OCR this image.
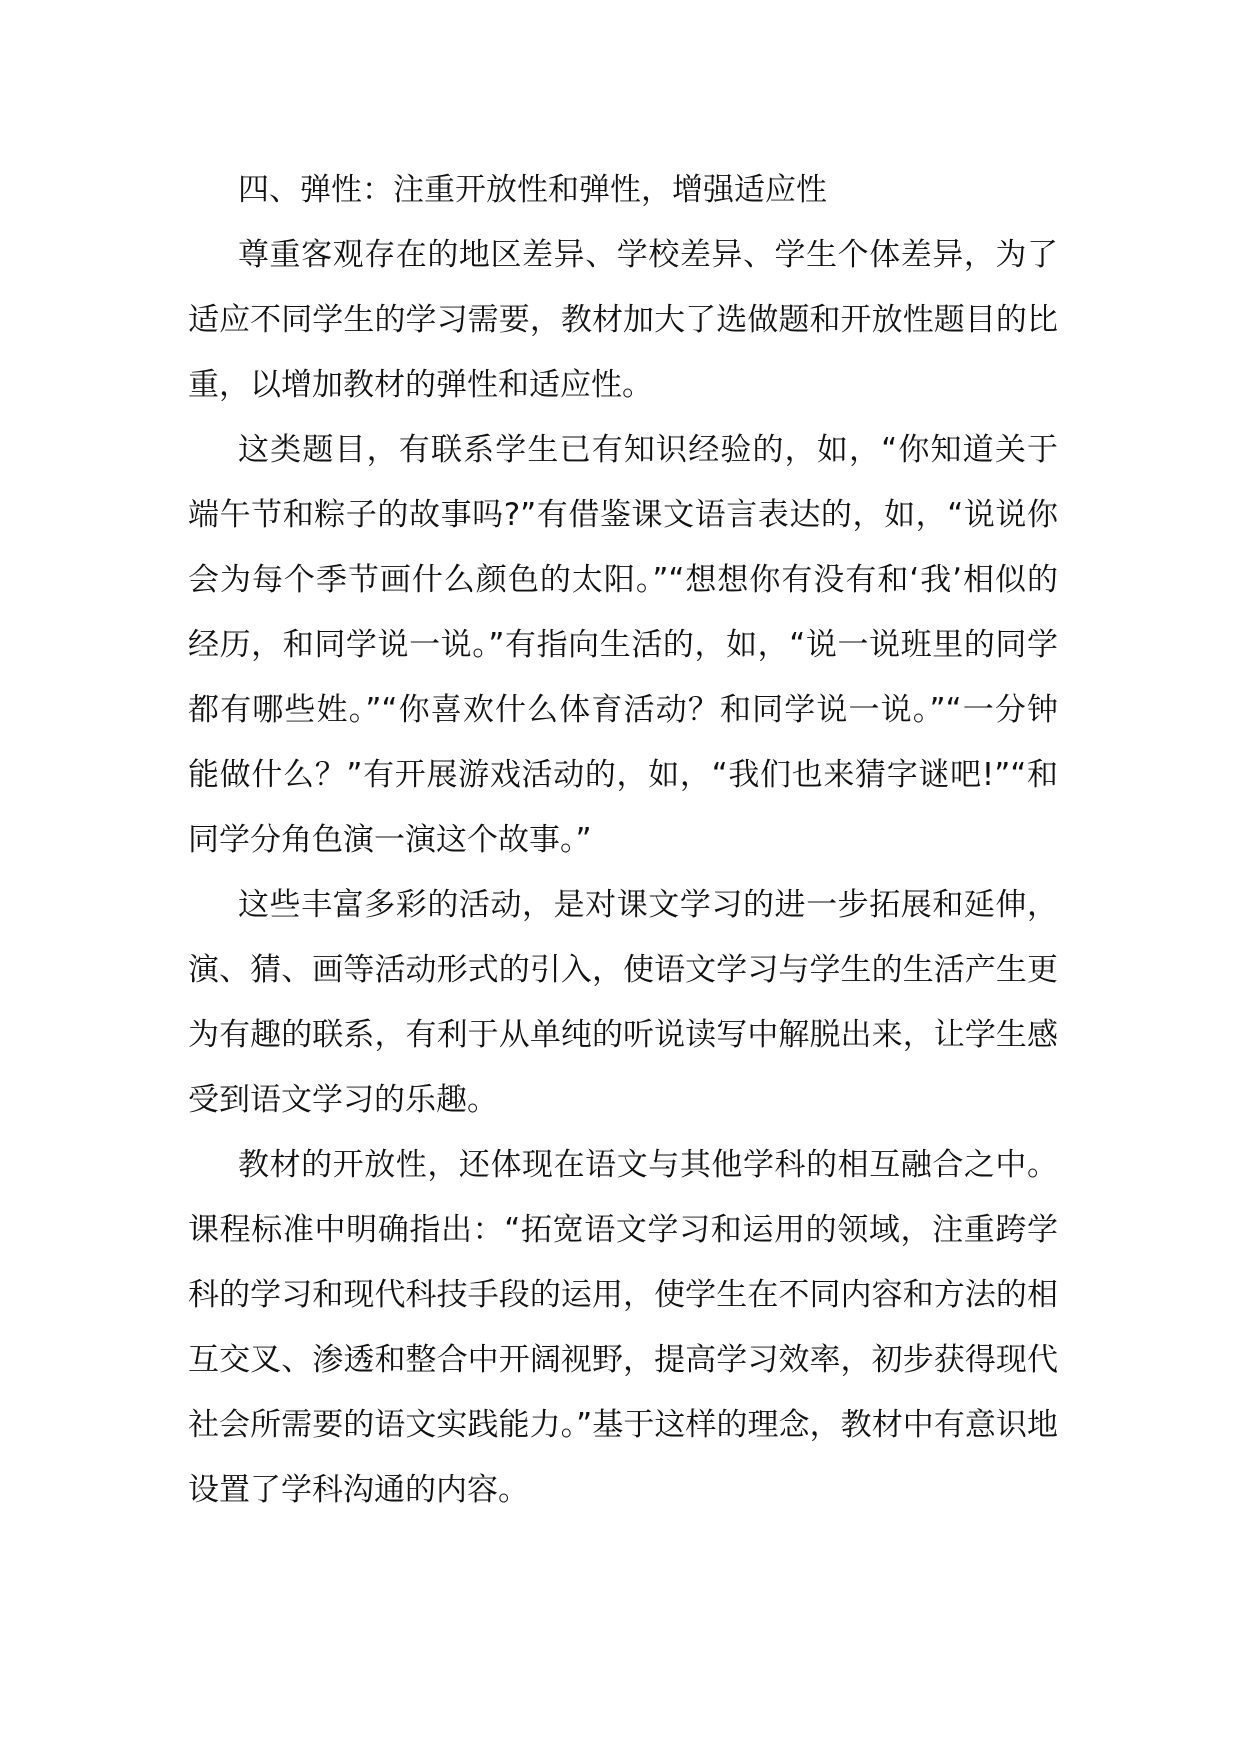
四、弹性：注重开放性和弹性，增强适应性

尊重客观存在的地区差异、学校差异、学生个体差异，为了适应不同学生的学习需要，教材加大了选做题和开放性题目的比重，以增加教材的弹性和适应性。

这类题目，有联系学生已有知识经验的，如，“你知道关于端午节和粽子的故事吗?”有借鉴课文语言表达的，如，“说说你会为每个季节画什么颜色的太阳。”“想想你有没有和‘我’相似的经历，和同学说一说。”有指向生活的，如，“说一说班里的同学都有哪些姓。”“你喜欢什么体育活动？和同学说一说。”“一分钟能做什么？”有开展游戏活动的，如，“我们也来猜字谜吧!”“和同学分角色演一演这个故事。”

这些丰富多彩的活动，是对课文学习的进一步拓展和延伸，演、猜、画等活动形式的引入，使语文学习与学生的生活产生更为有趣的联系，有利于从单纯的听说读写中解脱出来，让学生感受到语文学习的乐趣。

教材的开放性，还体现在语文与其他学科的相互融合之中。课程标准中明确指出：“拓宽语文学习和运用的领域，注重跨学科的学习和现代科技手段的运用，使学生在不同内容和方法的相互交叉、渗透和整合中开阔视野，提高学习效率，初步获得现代社会所需要的语文实践能力。”基于这样的理念，教材中有意识地设置了学科沟通的内容。
